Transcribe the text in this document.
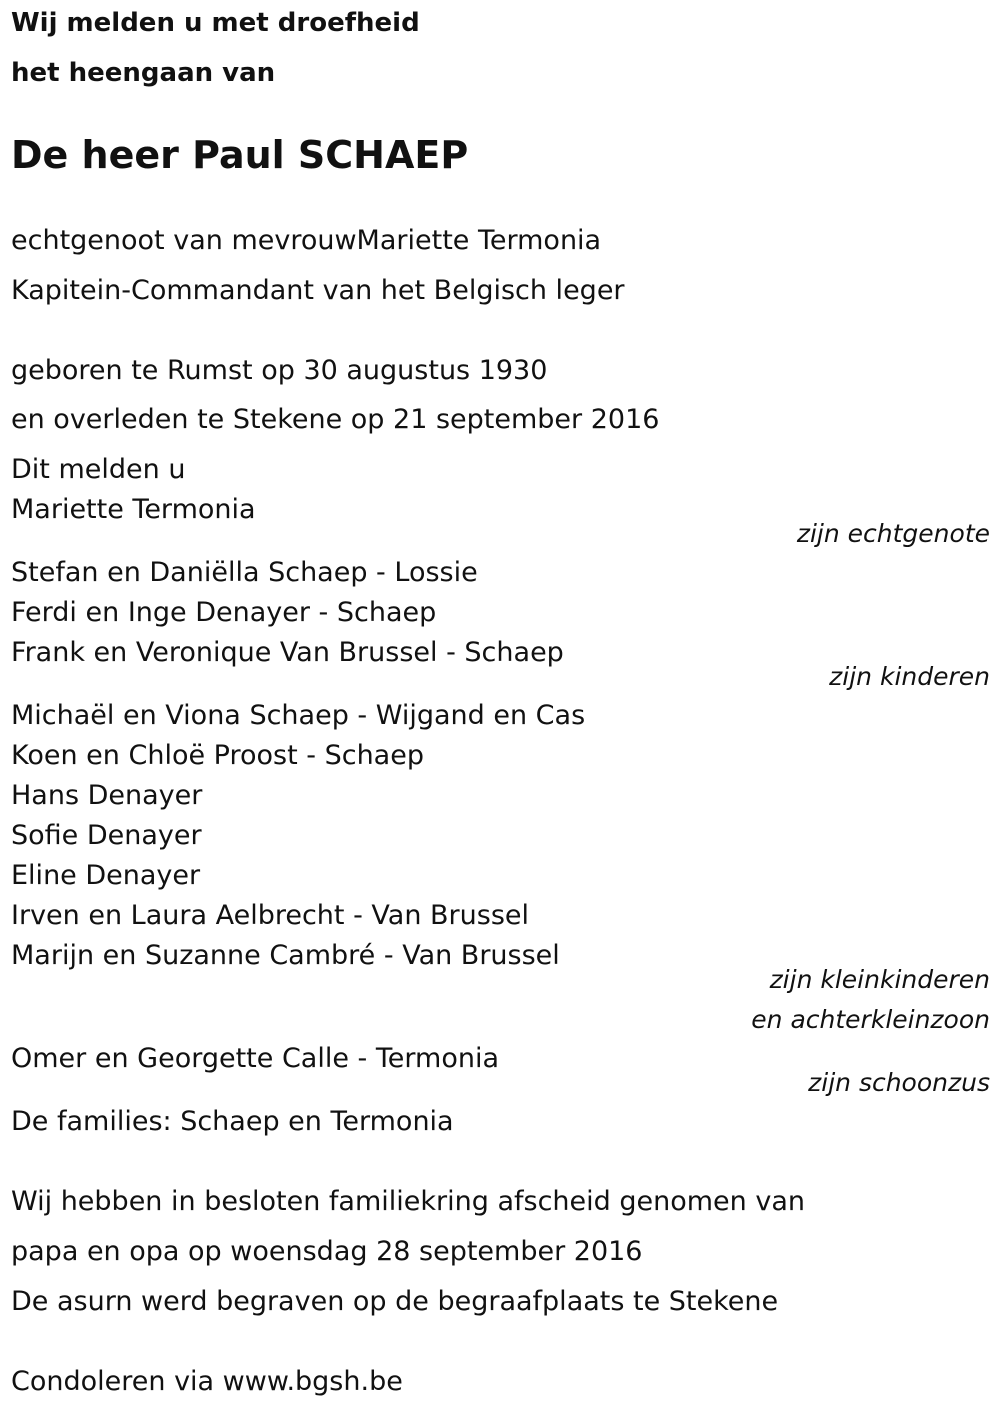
Wij melden u met droefheid

het heengaan van

De heer Paul SCHAEP

echtgenoot van mevrouwMariette Termonia

Kapitein-Commandant van het Belgisch leger

geboren te Rumst op 30 augustus 1930

en overleden te Stekene op 21 september 2016

Dit melden u

Mariette Termonia

zijn echtgenote

Stefan en Daniëlla Schaep - Lossie

Ferdi en Inge Denayer - Schaep

Frank en Veronique Van Brussel - Schaep

zijn kinderen

Michaël en Viona Schaep - Wijgand en Cas

Koen en Chloë Proost - Schaep

Hans Denayer

Sofie Denayer

Eline Denayer

Irven en Laura Aelbrecht - Van Brussel

Marijn en Suzanne Cambré - Van Brussel

zijn kleinkinderen

en achterkleinzoon

Omer en Georgette Calle - Termonia

zijn schoonzus

De families: Schaep en Termonia

Wij hebben in besloten familiekring afscheid genomen van

papa en opa op woensdag 28 september 2016

De asurn werd begraven op de begraafplaats te Stekene

Condoleren via www.bgsh.be
